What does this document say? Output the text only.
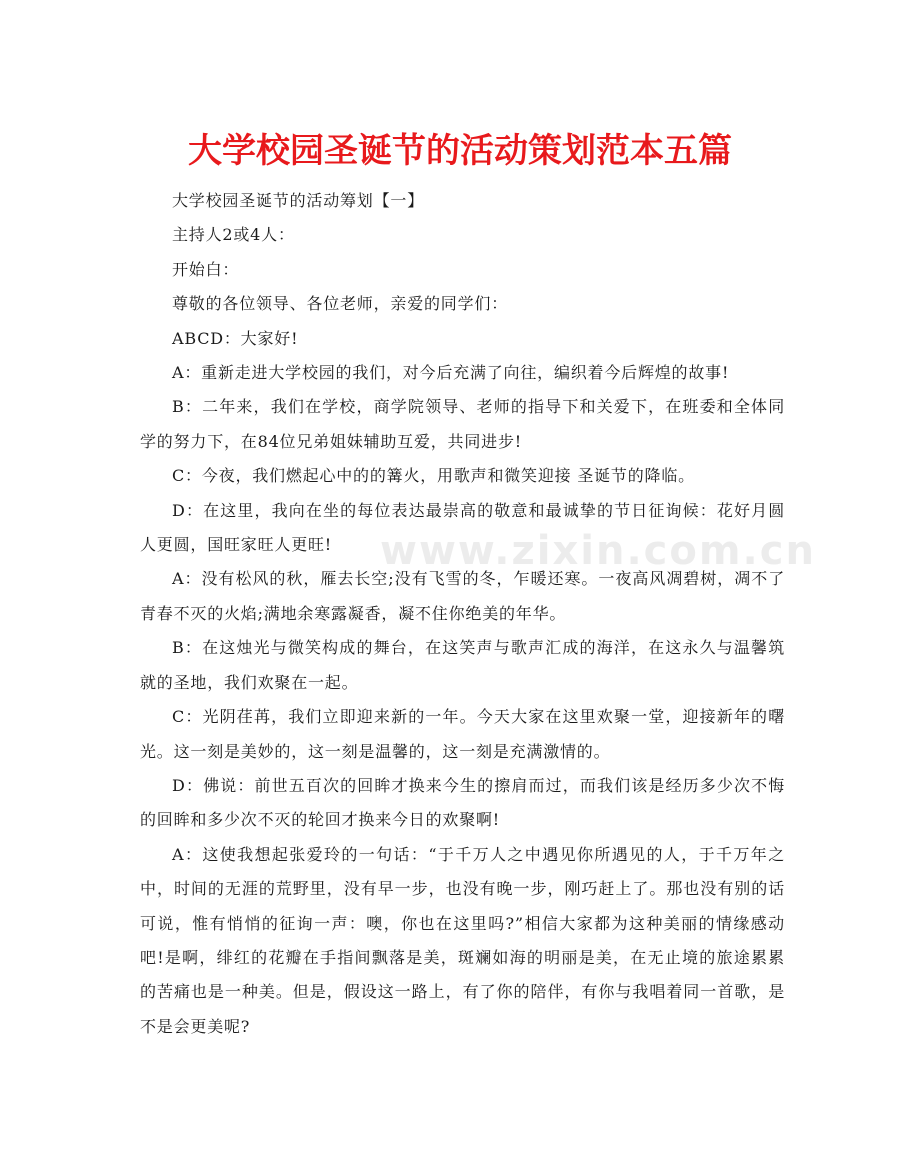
大学校园圣诞节的活动策划范本五篇

大学校园圣诞节的活动筹划【一】

主持人2或4人：

开始白：

尊敬的各位领导、各位老师，亲爱的同学们：

ABCD：大家好!

A：重新走进大学校园的我们，对今后充满了向往，编织着今后辉煌的故事!

B：二年来，我们在学校，商学院领导、老师的指导下和关爱下，在班委和全体同学的努力下，在84位兄弟姐妹辅助互爱，共同进步!

C：今夜，我们燃起心中的的篝火，用歌声和微笑迎接 圣诞节的降临。

D：在这里，我向在坐的每位表达最崇高的敬意和最诚挚的节日征询候：花好月圆人更圆，国旺家旺人更旺!

A：没有松风的秋，雁去长空;没有飞雪的冬，乍暖还寒。一夜高风凋碧树，凋不了青春不灭的火焰;满地余寒露凝香，凝不住你绝美的年华。

B：在这烛光与微笑构成的舞台，在这笑声与歌声汇成的海洋，在这永久与温馨筑就的圣地，我们欢聚在一起。

C：光阴荏苒，我们立即迎来新的一年。今天大家在这里欢聚一堂，迎接新年的曙光。这一刻是美妙的，这一刻是温馨的，这一刻是充满激情的。

D：佛说：前世五百次的回眸才换来今生的擦肩而过，而我们该是经历多少次不悔的回眸和多少次不灭的轮回才换来今日的欢聚啊!

A：这使我想起张爱玲的一句话：“于千万人之中遇见你所遇见的人，于千万年之中，时间的无涯的荒野里，没有早一步，也没有晚一步，刚巧赶上了。那也没有别的话可说，惟有悄悄的征询一声：噢，你也在这里吗?”相信大家都为这种美丽的情缘感动吧!是啊，绯红的花瓣在手指间飘落是美，斑斓如海的明丽是美，在无止境的旅途累累的苦痛也是一种美。但是，假设这一路上，有了你的陪伴，有你与我唱着同一首歌，是不是会更美呢?

www.zixin.com.cn
